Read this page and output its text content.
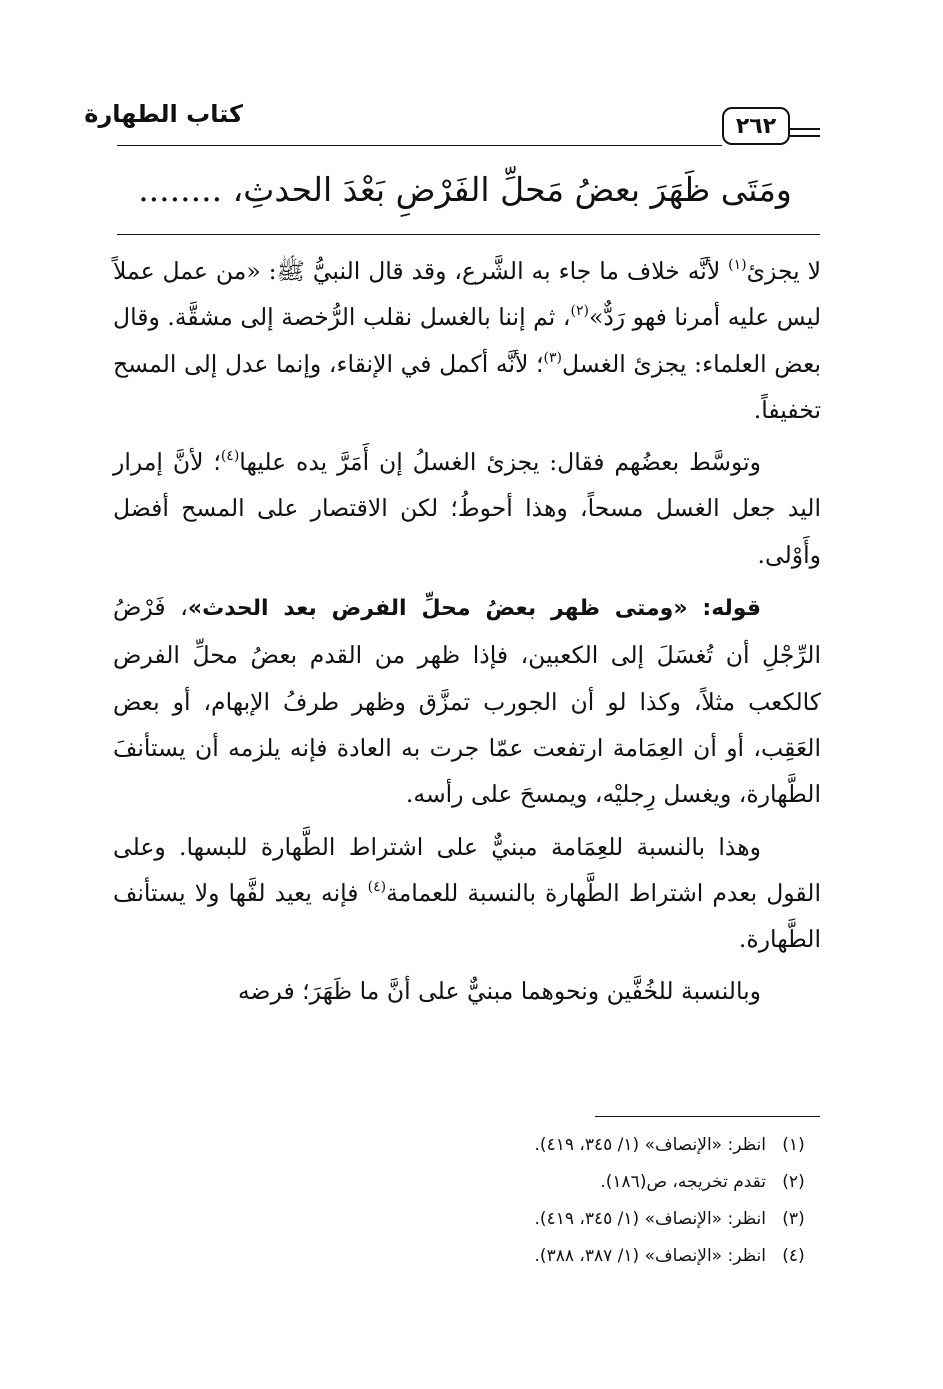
كتاب الطهارة	٢٦٢
ومَتَى ظَهَرَ بعضُ مَحلِّ الفَرْضِ بَعْدَ الحدثِ، ........

لا يجزئ$^{(١)}$ لأنَّه خلاف ما جاء به الشَّرع، وقد قال النبيُّ ﷺ: «من عمل عملاً ليس عليه أمرنا فهو رَدٌّ»$^{(٢)}$، ثم إننا بالغسل نقلب الرُّخصة إلى مشقَّة. وقال بعض العلماء: يجزئ الغسل$^{(٣)}$؛ لأنَّه أكمل في الإنقاء، وإنما عدل إلى المسح تخفيفاً.

وتوسَّط بعضُهم فقال: يجزئ الغسلُ إن أَمَرَّ يده عليها$^{(٤)}$؛ لأنَّ إمرار اليد جعل الغسل مسحاً، وهذا أحوطُ؛ لكن الاقتصار على المسح أفضل وأَوْلى.

قوله: «ومتى ظهر بعضُ محلِّ الفرض بعد الحدث»، فَرْضُ الرِّجْلِ أن تُغسَلَ إلى الكعبين، فإذا ظهر من القدم بعضُ محلِّ الفرض كالكعب مثلاً، وكذا لو أن الجورب تمزَّق وظهر طرفُ الإبهام، أو بعض العَقِب، أو أن العِمَامة ارتفعت عمّا جرت به العادة فإنه يلزمه أن يستأنفَ الطَّهارة، ويغسل رِجليْه، ويمسحَ على رأسه.

وهذا بالنسبة للعِمَامة مبنيٌّ على اشتراط الطَّهارة للبسها. وعلى القول بعدم اشتراط الطَّهارة بالنسبة للعمامة$^{(٤)}$ فإنه يعيد لفَّها ولا يستأنف الطَّهارة.

وبالنسبة للخُفَّين ونحوهما مبنيٌّ على أنَّ ما ظَهَرَ؛ فرضه

(١)
انظر: «الإنصاف» (١/ ٣٤٥، ٤١٩).
(٢)
تقدم تخريجه، ص(١٨٦).
(٣)
انظر: «الإنصاف» (١/ ٣٤٥، ٤١٩).
(٤)
انظر: «الإنصاف» (١/ ٣٨٧، ٣٨٨).
